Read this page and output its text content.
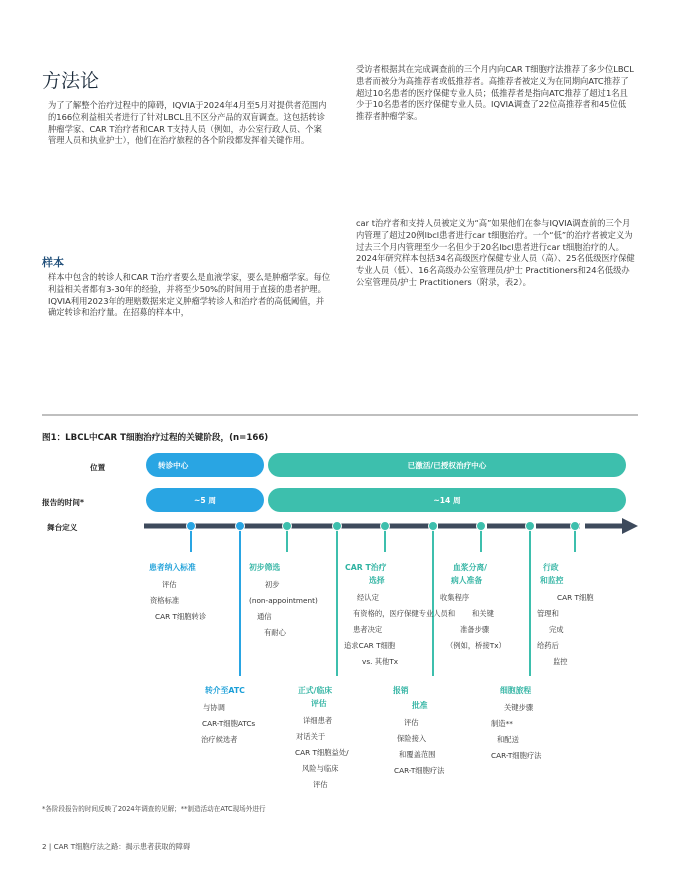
方法论
为了了解整个治疗过程中的障碍，IQVIA于2024年4月至5月对提供者范围内的166位利益相关者进行了针对LBCL且不区分产品的双盲调查。这包括转诊肿瘤学家、CAR T治疗者和CAR T支持人员（例如，办公室行政人员、个案管理人员和执业护士），他们在治疗旅程的各个阶段都发挥着关键作用。
受访者根据其在完成调查前的三个月内向CAR T细胞疗法推荐了多少位LBCL患者而被分为高推荐者或低推荐者。高推荐者被定义为在同期向ATC推荐了超过10名患者的医疗保健专业人员；低推荐者是指向ATC推荐了超过1名且少于10名患者的医疗保健专业人员。IQVIA调查了22位高推荐者和45位低推荐者肿瘤学家。
样本
样本中包含的转诊人和CAR T治疗者要么是血液学家，要么是肿瘤学家。每位利益相关者都有3-30年的经验，并将至少50%的时间用于直接的患者护理。IQVIA利用2023年的理赔数据来定义肿瘤学转诊人和治疗者的高低阈值，并确定转诊和治疗量。在招募的样本中，
car t治疗者和支持人员被定义为“高”如果他们在参与IQVIA调查前的三个月内管理了超过20例lbcl患者进行car t细胞治疗。一个“低”的治疗者被定义为过去三个月内管理至少一名但少于20名lbcl患者进行car t细胞治疗的人。2024年研究样本包括34名高级医疗保健专业人员（高）、25名低级医疗保健专业人员（低）、16名高级办公室管理员/护士 Practitioners和24名低级办公室管理员/护士 Practitioners（附录，表2）。
图1：LBCL中CAR T细胞治疗过程的关键阶段，(n=166)
位置	转诊中心	已激活/已授权治疗中心
报告的时间*	~5 周	~14 周
舞台定义
患者纳入标准
评估
资格标准
CAR T细胞转诊
初步筛选
初步
(non-appointment)
通信
有耐心
CAR T治疗
选择
经认定
有资格的，医疗保健专业人员和
患者决定
追求CAR T细胞
vs. 其他Tx
血浆分离/
病人准备
收集程序
和关键
准备步骤
（例如，桥接Tx）
行政
和监控
CAR T细胞
管理和
完成
给药后
监控
转介至ATC
与协调
CAR-T细胞ATCs
治疗候选者
正式/临床
评估
详细患者
对话关于
CAR T细胞益处/
风险与临床
评估
报销
批准
评估
保险接入
和覆盖范围
CAR-T细胞疗法
细胞旅程
关键步骤
制造**
和配送
CAR-T细胞疗法
*各阶段报告的时间反映了2024年调查的见解；**制造活动在ATC现场外进行
2 | CAR T细胞疗法之路：揭示患者获取的障碍
